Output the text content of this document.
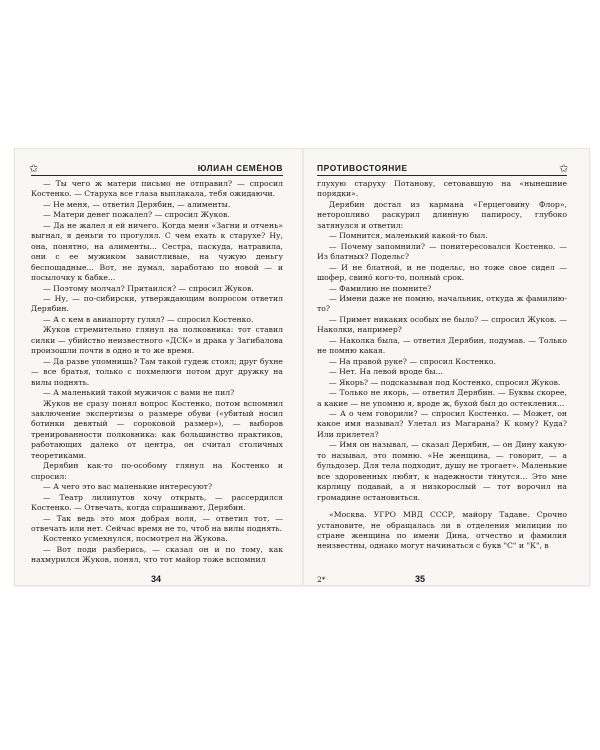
✩	ЮЛИАН СЕМЁНОВ

— Ты чего ж матери письмо не отправил? — спросил Костенко. — Старуха все глаза выплакала, тебя ожидаючи.

— Не меня, — ответил Дерябин, — алименты.

— Матери денег пожалел? — спросил Жуков.

— Да не жалел я ей ничего. Когда меня «Загни и отчень» выгнал, я деньги то прогулял. С чем ехать к старухе? Ну, она, понятно, на алименты... Сестра, паскуда, натравила, они с ее мужиком завистливые, на чужую деньгу беспощадные... Вот, не думал, заработаю по новой — и посылочку к бабке...

— Поэтому молчал? Притаился? — спросил Жуков.

— Ну, — по-сибирски, утверждающим вопросом ответил Дерябин.

— А с кем в авиапорту гулял? — спросил Костенко.

Жуков стремительно глянул на полковника: тот ставил силки — убийство неизвестного «ДСК» и драка у Загибалова произошли почти в одно и то же время.

— Да разве упомнишь? Там такой гудеж стоял; друг бухне — все братья, только с похмелюги потом друг дружку на вилы поднять.

— А маленький такой мужичок с вами не пил?

Жуков не сразу понял вопрос Костенко, потом вспомнил заключение экспертизы о размере обуви («убитый носил ботинки девятый — сороковой размер»), — выборов тренированности полковника: как большинство практиков, работающих далеко от центра, он считал столичных теоретиками.

Дерябин как-то по-особому глянул на Костенко и спросил:

— А чего это вас маленькие интересуют?

— Театр лилипутов хочу открыть, — рассердился Костенко. — Отвечать, когда спрашивают, Дерябин.

— Так ведь это моя добрая воля, — ответил тот, — отвечать или нет. Сейчас время не то, чтоб на вилы поднять.

Костенко усмехнулся, посмотрел на Жукова.

— Вот поди разберись, — сказал он и по тому, как нахмурился Жуков, понял, что тот майор тоже вспомнил

34
ПРОТИВОСТОЯНИЕ	✩

глухую старуху Потанову, сетовавшую на «нынешние порядки».

Дерябин достал из кармана «Герцеговину Флор», неторопливо раскурил длинную папиросу, глубоко затянулся и ответил:

— Помнится, маленький какой-то был.

— Почему запомнили? — понитересовался Костенко. — Из блатных? Подельс?

— И не блатной, и не подельс, но тоже свое сидел — шофер, свинó кого-то, полный срок.

— Фамилию не помните?

— Имени даже не помню, начальник, откуда ж фамилию-то?

— Примет никаких особых не было? — спросил Жуков. — Наколки, например?

— Наколка была, — ответил Дерябин, подумав. — Только не помню какая.

— На правой руке? — спросил Костенко.

— Нет. На левой вроде бы...

— Якорь? — подсказывая под Костенко, спросил Жуков.

— Только не якорь, — ответил Дерябин. — Буквы скорее, а какие — не упомню я, вроде ж, бухой был до остекления...

— А о чем говорили? — спросил Костенко. — Может, он какое имя называл? Улетал из Магарана? К кому? Куда? Или прилетел?

— Имя он называл, — сказал Дерябин, — он Дину какую-то называл, это помню. «Не женщина, — говорит, — а бульдозер. Для тела подходит, душу не трогает». Маленькие все здоровенных любят, к надежности тянутся... Это мне карлицу подавай, а я низкорослый — тот ворочил на громадине остановиться.

«Москва. УГРО МВД СССР, майору Тадаве. Срочно установите, не обращалась ли в отделения милиции по стране женщина по имени Дина, отчество и фамилия неизвестны, однако могут начинаться с букв "С" и "К", в

2*	35
